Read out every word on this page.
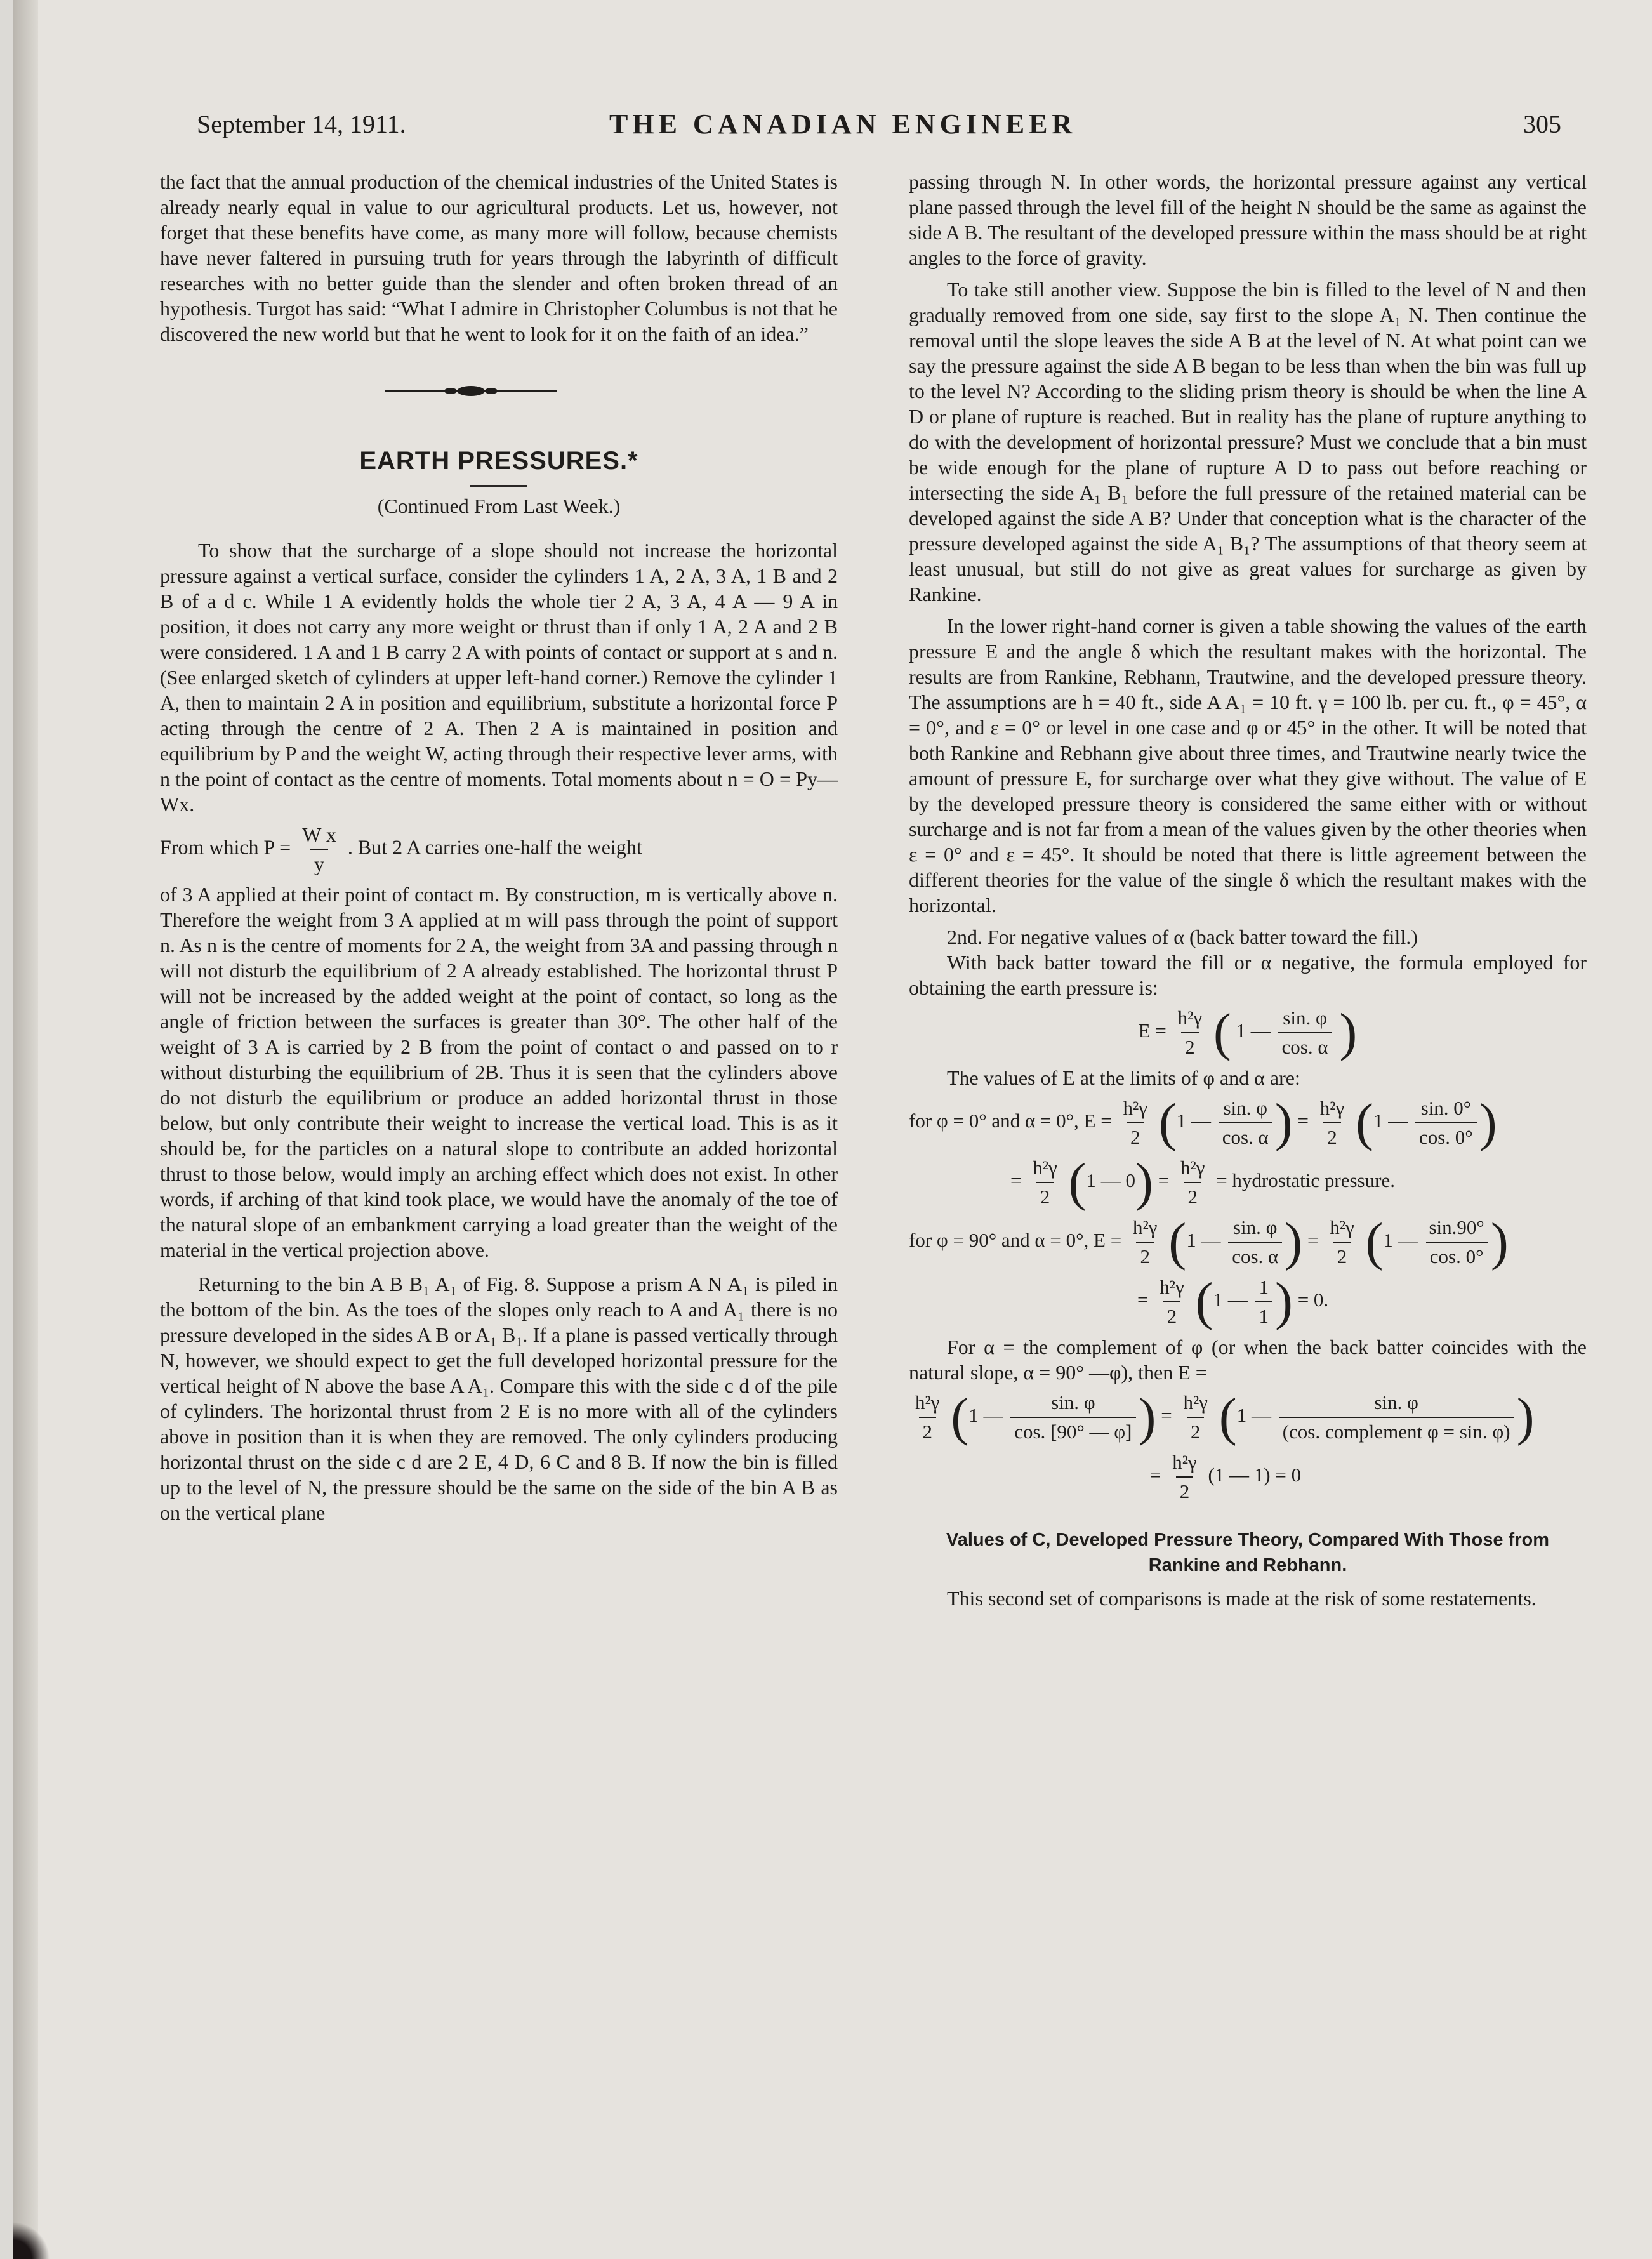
September 14, 1911.	THE CANADIAN ENGINEER	305

the fact that the annual production of the chemical industries of the United States is already nearly equal in value to our agricultural products. Let us, however, not forget that these benefits have come, as many more will follow, because chemists have never faltered in pursuing truth for years through the labyrinth of difficult researches with no better guide than the slender and often broken thread of an hypothesis. Turgot has said: “What I admire in Christopher Columbus is not that he discovered the new world but that he went to look for it on the faith of an idea.”

EARTH PRESSURES.*
(Continued From Last Week.)

To show that the surcharge of a slope should not increase the horizontal pressure against a vertical surface, consider the cylinders 1 A, 2 A, 3 A, 1 B and 2 B of a d c. While 1 A evidently holds the whole tier 2 A, 3 A, 4 A — 9 A in position, it does not carry any more weight or thrust than if only 1 A, 2 A and 2 B were considered. 1 A and 1 B carry 2 A with points of contact or support at s and n. (See enlarged sketch of cylinders at upper left-hand corner.) Remove the cylinder 1 A, then to maintain 2 A in position and equilibrium, substitute a horizontal force P acting through the centre of 2 A. Then 2 A is maintained in position and equilibrium by P and the weight W, acting through their respective lever arms, with n the point of contact as the centre of moments. Total moments about n = O = Py—Wx.

From which $P = \frac{\text{W x}}{y}$ . But 2 A carries one-half the weight

of 3 A applied at their point of contact m. By construction, m is vertically above n. Therefore the weight from 3 A applied at m will pass through the point of support n. As n is the centre of moments for 2 A, the weight from 3A and passing through n will not disturb the equilibrium of 2 A already established. The horizontal thrust P will not be increased by the added weight at the point of contact, so long as the angle of friction between the surfaces is greater than 30°. The other half of the weight of 3 A is carried by 2 B from the point of contact o and passed on to r without disturbing the equilibrium of 2B. Thus it is seen that the cylinders above do not disturb the equilibrium or produce an added horizontal thrust in those below, but only contribute their weight to increase the vertical load. This is as it should be, for the particles on a natural slope to contribute an added horizontal thrust to those below, would imply an arching effect which does not exist. In other words, if arching of that kind took place, we would have the anomaly of the toe of the natural slope of an embankment carrying a load greater than the weight of the material in the vertical projection above.

Returning to the bin A B B₁ A₁ of Fig. 8. Suppose a prism A N A₁ is piled in the bottom of the bin. As the toes of the slopes only reach to A and A₁ there is no pressure developed in the sides A B or A₁ B₁. If a plane is passed vertically through N, however, we should expect to get the full developed horizontal pressure for the vertical height of N above the base A A₁. Compare this with the side c d of the pile of cylinders. The horizontal thrust from 2 E is no more with all of the cylinders above in position than it is when they are removed. The only cylinders producing horizontal thrust on the side c d are 2 E, 4 D, 6 C and 8 B. If now the bin is filled up to the level of N, the pressure should be the same on the side of the bin A B as on the vertical plane

passing through N. In other words, the horizontal pressure against any vertical plane passed through the level fill of the height N should be the same as against the side A B. The resultant of the developed pressure within the mass should be at right angles to the force of gravity.

To take still another view. Suppose the bin is filled to the level of N and then gradually removed from one side, say first to the slope A₁ N. Then continue the removal until the slope leaves the side A B at the level of N. At what point can we say the pressure against the side A B began to be less than when the bin was full up to the level N? According to the sliding prism theory is should be when the line A D or plane of rupture is reached. But in reality has the plane of rupture anything to do with the development of horizontal pressure? Must we conclude that a bin must be wide enough for the plane of rupture A D to pass out before reaching or intersecting the side A₁ B₁ before the full pressure of the retained material can be developed against the side A B? Under that conception what is the character of the pressure developed against the side A₁ B₁? The assumptions of that theory seem at least unusual, but still do not give as great values for surcharge as given by Rankine.

In the lower right-hand corner is given a table showing the values of the earth pressure E and the angle δ which the resultant makes with the horizontal. The results are from Rankine, Rebhann, Trautwine, and the developed pressure theory. The assumptions are h = 40 ft., side A A₁ = 10 ft. γ = 100 lb. per cu. ft., φ = 45°, α = 0°, and ε = 0° or level in one case and φ or 45° in the other. It will be noted that both Rankine and Rebhann give about three times, and Trautwine nearly twice the amount of pressure E, for surcharge over what they give without. The value of E by the developed pressure theory is considered the same either with or without surcharge and is not far from a mean of the values given by the other theories when ε = 0° and ε = 45°. It should be noted that there is little agreement between the different theories for the value of the single δ which the resultant makes with the horizontal.

2nd. For negative values of α (back batter toward the fill.)

With back batter toward the fill or α negative, the formula employed for obtaining the earth pressure is:

$E = \frac{\text{h²γ}}{2}$ ( 1 — $\frac{\sin. \varphi}{\cos. \alpha}$ )

The values of E at the limits of φ and α are:

for φ = 0° and α = 0°, $E = \frac{\text{h²γ}}{2} (1$ — $\frac{\sin. \varphi}{\cos. \alpha}$ ) = $\frac{\text{h²γ}}{2} (1$ — $\frac{\sin. 0^\circ}{\cos. 0^\circ}$ )
= $\frac{\text{h²γ}}{2} (1$ — $0) = \frac{\text{h²γ}}{2}$ = hydrostatic pressure.
for φ = 90° and α = 0°, $E = \frac{\text{h²γ}}{2} (1$ — $\frac{\sin. \varphi}{\cos. \alpha}$ ) = $\frac{\text{h²γ}}{2} (1$ — $\frac{\sin.90^\circ}{\cos. 0^\circ}$ )
= $\frac{\text{h²γ}}{2} (1$ — $\frac{1}{1}$ ) = 0.

For α = the complement of φ (or when the back batter coincides with the natural slope, α = 90° —φ), then E =

$\frac{\text{h²γ}}{2} (1$ — $\frac{\sin. \varphi}{\cos. [90^\circ — \varphi]}$ ) = $\frac{\text{h²γ}}{2} (1$ — $\frac{\sin. \varphi}{\text{(cos. complement φ = sin. φ)}}$ )
= $\frac{\text{h²γ}}{2} (1$ — 1) = 0
Values of C, Developed Pressure Theory, Compared With Those from Rankine and Rebhann.

This second set of comparisons is made at the risk of some restatements.
